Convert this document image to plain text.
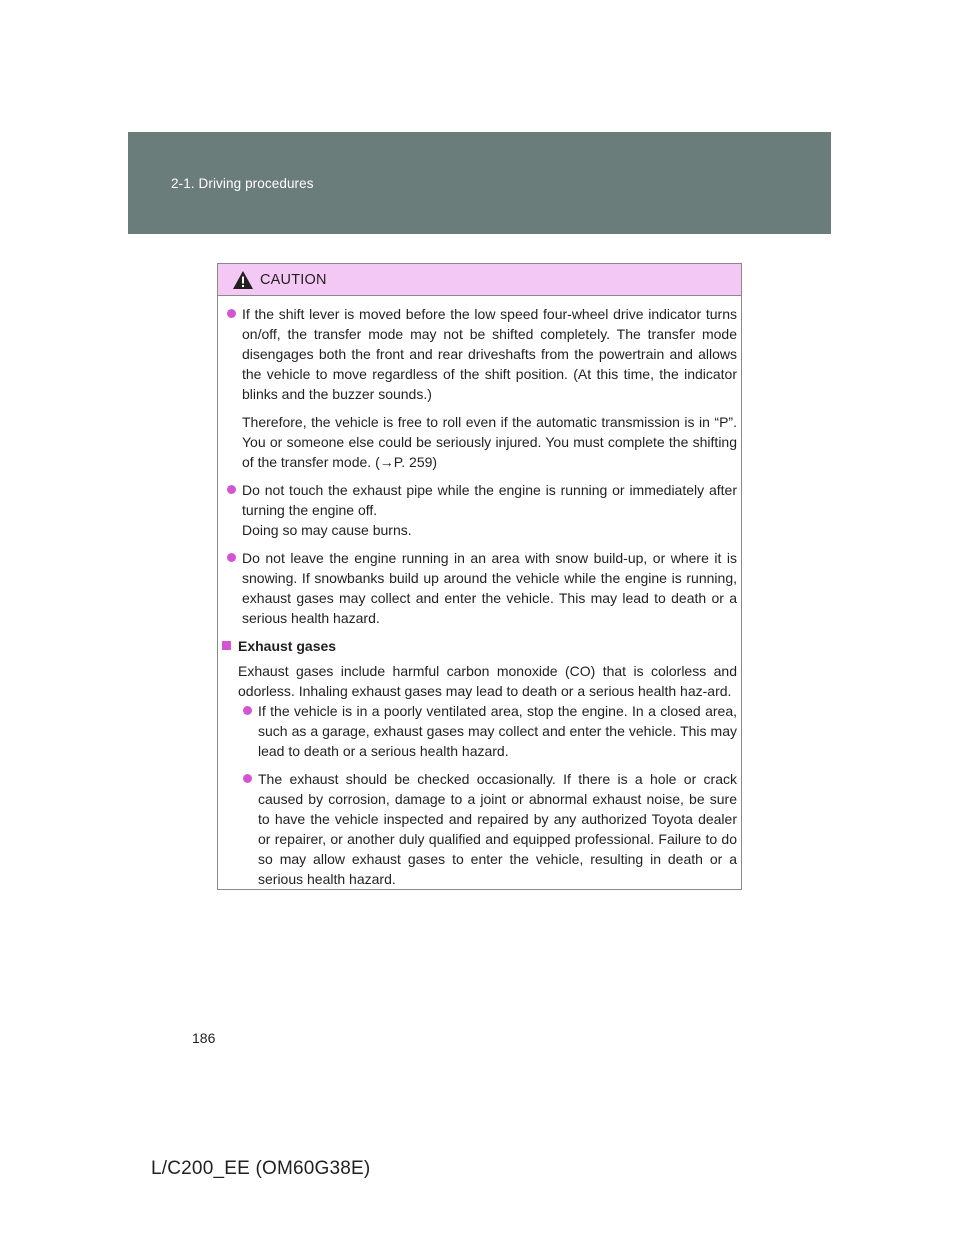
2-1. Driving procedures
CAUTION
If the shift lever is moved before the low speed four-wheel drive indicator turns on/off, the transfer mode may not be shifted completely. The transfer mode disengages both the front and rear driveshafts from the powertrain and allows the vehicle to move regardless of the shift position. (At this time, the indicator blinks and the buzzer sounds.)
Therefore, the vehicle is free to roll even if the automatic transmission is in “P”. You or someone else could be seriously injured. You must complete the shifting of the transfer mode. (→P. 259)
Do not touch the exhaust pipe while the engine is running or immediately after turning the engine off.
Doing so may cause burns.
Do not leave the engine running in an area with snow build-up, or where it is snowing. If snowbanks build up around the vehicle while the engine is running, exhaust gases may collect and enter the vehicle. This may lead to death or a serious health hazard.
Exhaust gases
Exhaust gases include harmful carbon monoxide (CO) that is colorless and odorless. Inhaling exhaust gases may lead to death or a serious health haz-ard.
If the vehicle is in a poorly ventilated area, stop the engine. In a closed area, such as a garage, exhaust gases may collect and enter the vehicle. This may lead to death or a serious health hazard.
The exhaust should be checked occasionally. If there is a hole or crack caused by corrosion, damage to a joint or abnormal exhaust noise, be sure to have the vehicle inspected and repaired by any authorized Toyota dealer or repairer, or another duly qualified and equipped professional. Failure to do so may allow exhaust gases to enter the vehicle, resulting in death or a serious health hazard.
186
L/C200_EE (OM60G38E)
